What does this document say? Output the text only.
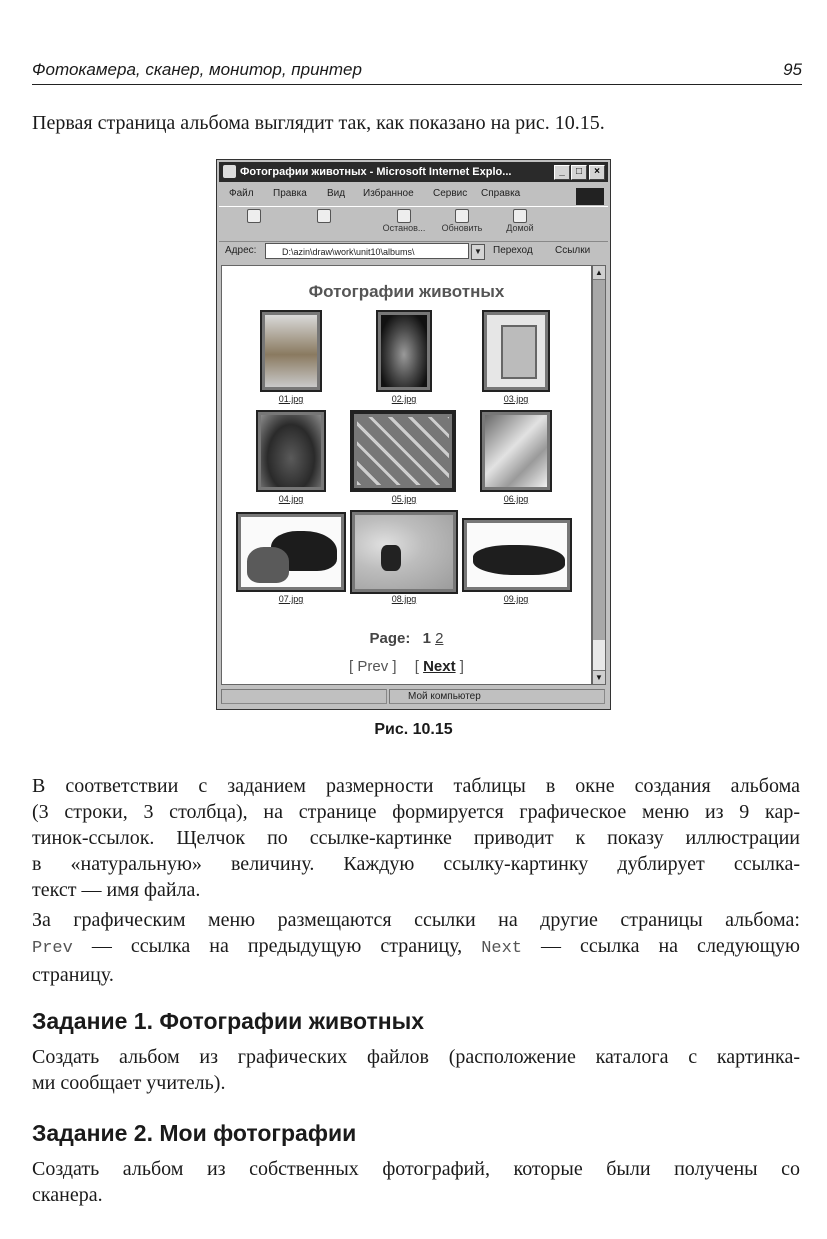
Фотокамера, сканер, монитор, принтер	95
Первая страница альбома выглядит так, как показано на рис. 10.15.
Фотографии животных - Microsoft Internet Explo...	_	□	×
Файл Правка Вид Избранное Сервис Справка
Останов...	Обновить	Домой
Адрес:	D:\azin\draw\work\unit10\albums\	▼	Переход Ссылки
Фотографии животных
01.jpg	02.jpg	03.jpg
04.jpg	05.jpg	06.jpg
07.jpg	08.jpg	09.jpg
Page: 1 2
[ Prev ] [ Next ]
▲
▼
Мой компьютер
Рис. 10.15
В соответствии с заданием размерности таблицы в окне создания альбома
(3 строки, 3 столбца), на странице формируется графическое меню из 9 кар-
тинок-ссылок. Щелчок по ссылке-картинке приводит к показу иллюстрации
в «натуральную» величину. Каждую ссылку-картинку дублирует ссылка-
текст — имя файла.
За графическим меню размещаются ссылки на другие страницы альбома:
Prev — ссылка на предыдущую страницу, Next — ссылка на следующую
страницу.
Задание 1. Фотографии животных
Создать альбом из графических файлов (расположение каталога с картинка-
ми сообщает учитель).
Задание 2. Мои фотографии
Создать альбом из собственных фотографий, которые были получены со
сканера.
